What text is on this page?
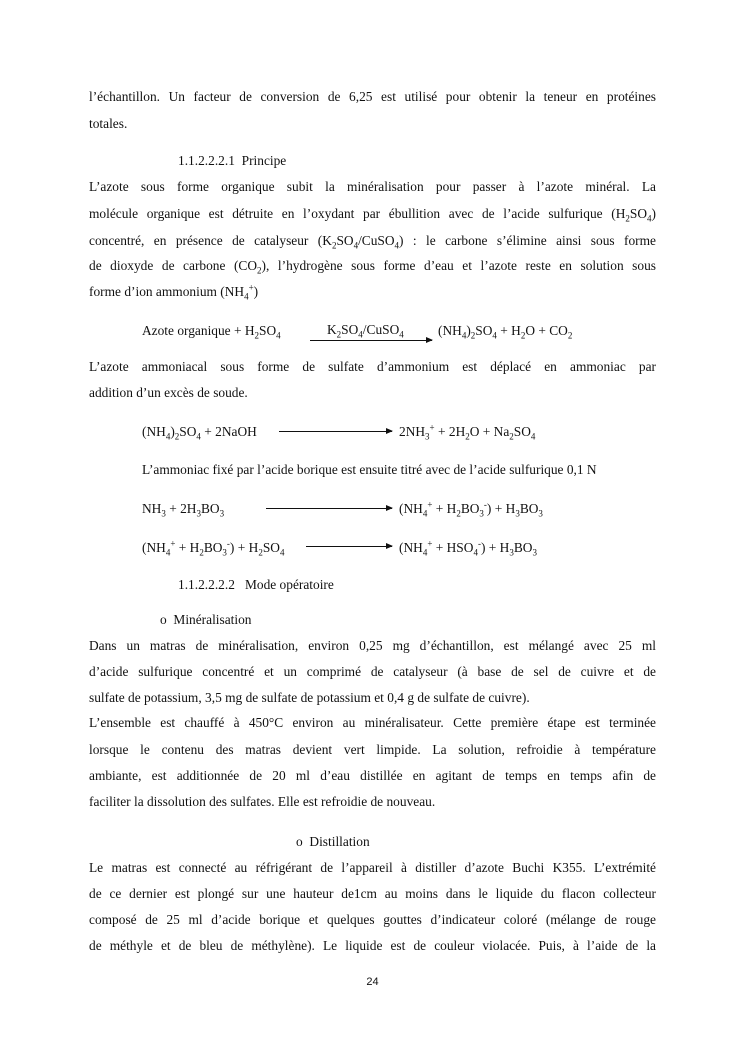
l’échantillon. Un facteur de conversion de 6,25 est utilisé pour obtenir la teneur en protéines
totales.
1.1.2.2.2.1 Principe
L’azote sous forme organique subit la minéralisation pour passer à l’azote minéral. La
molécule organique est détruite en l’oxydant par ébullition avec de l’acide sulfurique $(H_2SO_4)$
concentré, en présence de catalyseur $(K_2SO_4/CuSO_4)$ : le carbone s’élimine ainsi sous forme
de dioxyde de carbone $(CO_2)$, l’hydrogène sous forme d’eau et l’azote reste en solution sous
forme d’ion ammonium $(NH_4^+)$
Azote organique + $H_2SO_4$	$K_2SO_4/CuSO_4$	$(NH_4)_2SO_4 + H_2O + CO_2$
L’azote ammoniacal sous forme de sulfate d’ammonium est déplacé en ammoniac par
addition d’un excès de soude.
$(NH_4)_2SO_4$ + 2NaOH	$2NH_3^+ + 2H_2O + Na_2SO_4$
L’ammoniac fixé par l’acide borique est ensuite titré avec de l’acide sulfurique 0,1 N
$NH_3 + 2H_3BO_3$	$(NH_4^+ + H_2BO_3^-) + H_3BO_3$
$(NH_4^+ + H_2BO_3^-) + H_2SO_4$	$(NH_4^+ + HSO_4^-) + H_3BO_3$
1.1.2.2.2.2 Mode opératoire
o Minéralisation
Dans un matras de minéralisation, environ 0,25 mg d’échantillon, est mélangé avec 25 ml
d’acide sulfurique concentré et un comprimé de catalyseur (à base de sel de cuivre et de
sulfate de potassium, 3,5 mg de sulfate de potassium et 0,4 g de sulfate de cuivre).
L’ensemble est chauffé à 450°C environ au minéralisateur. Cette première étape est terminée
lorsque le contenu des matras devient vert limpide. La solution, refroidie à température
ambiante, est additionnée de 20 ml d’eau distillée en agitant de temps en temps afin de
faciliter la dissolution des sulfates. Elle est refroidie de nouveau.
o Distillation
Le matras est connecté au réfrigérant de l’appareil à distiller d’azote Buchi K355. L’extrémité
de ce dernier est plongé sur une hauteur de1cm au moins dans le liquide du flacon collecteur
composé de 25 ml d’acide borique et quelques gouttes d’indicateur coloré (mélange de rouge
de méthyle et de bleu de méthylène). Le liquide est de couleur violacée. Puis, à l’aide de la
24
